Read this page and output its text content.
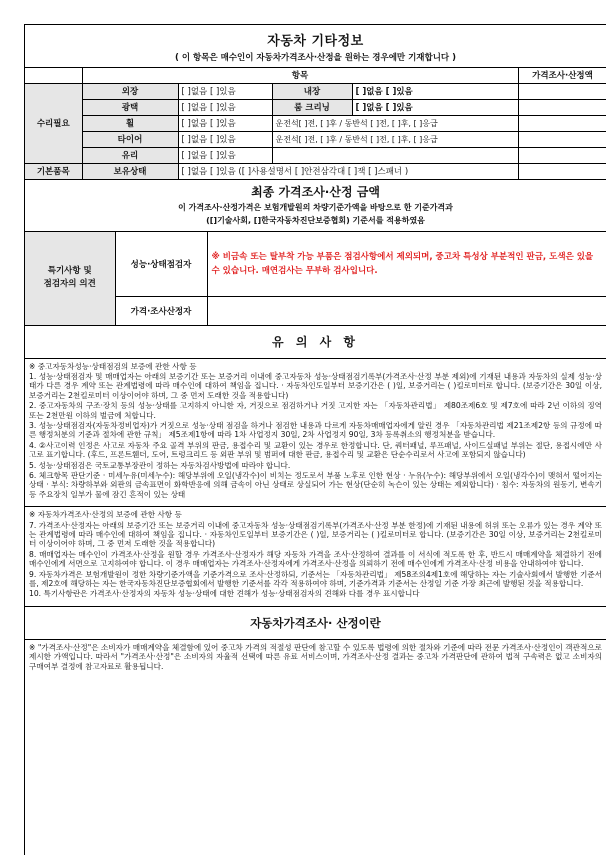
자동차 기타정보
( 이 항목은 매수인이 자동차가격조사·산정을 원하는 경우에만 기재합니다 )
	항목				가격조사·산정액
수리필요	외장	[ ]없음 [ ]있음	내장	[ ]없음 [ ]있음	
	광택	[ ]없음 [ ]있음	룸 크리닝	[ ]없음 [ ]있음	
	휠	[ ]없음 [ ]있음	운전석[ ]전, [ ]후 / 동반석 [ ]전, [ ]후, [ ]응급		
	타이어	[ ]없음 [ ]있음	운전석[ ]전, [ ]후 / 동반석 [ ]전, [ ]후, [ ]응급		
	유리	[ ]없음 [ ]있음			
기본품목	보유상태	[ ]없음 [ ]있음 ([ ]사용설명서 [ ]안전삼각대 [ ]잭 [ ]스패너 )			
최종 가격조사·산정 금액
이 가격조사·산정가격은 보험개발원의 차량기준가액을 바탕으로 한 기준가격과
([]기술사회, []한국자동차진단보증협회) 기준서를 적용하였음
특기사항 및
점검자의 의견	성능·상태점검자	※ 비금속 또는 탈부착 가능 부품은 점검사항에서 제외되며, 중고차 특성상 부분적인 판금, 도색은 있을 수 있습니다. 매연검사는 무부하 검사입니다.
	가격·조사산정자	
유 의 사 항

※ 중고자동차성능·상태점검의 보증에 관한 사항 등

1. 성능·상태점검자 및 매매업자는 아래의 보증기간 또는 보증거리 이내에 중고자동차 성능·상태점검기록부(가격조사·산정 부분 제외)에 기재된 내용과 자동차의 실제 성능·상태가 다른 경우 계약 또는 관계법령에 따라 매수인에 대하여 책임을 집니다. · 자동차인도일부터 보증기간은 ( )일, 보증거리는 ( )킬로미터로 합니다. (보증기간은 30일 이상, 보증거리는 2천킬로미터 이상이어야 하며, 그 중 먼저 도래한 것을 적용합니다)

2. 중고자동차의 구조·장치 등의 성능·상태를 고지하지 아니한 자, 거짓으로 점검하거나 거짓 고지한 자는 「자동차관리법」 제80조제6호 및 제7호에 따라 2년 이하의 징역 또는 2천만원 이하의 벌금에 처합니다.

3. 성능·상태점검자(자동차정비업자)가 거짓으로 성능·상태 점검을 하거나 점검한 내용과 다르게 자동차매매업자에게 알린 경우 「자동차관리법 제21조제2항 등의 규정에 따른 행정처분의 기준과 절차에 관한 규칙」 제5조제1항에 따라 1차 사업정지 30일, 2차 사업정지 90일, 3차 등록취소의 행정처분을 받습니다.

4. ②사고이력 인정은 사고로 자동차 주요 골격 부위의 판금, 용접수리 및 교환이 있는 경우로 한정합니다. 단, 쿼터패널, 루프패널, 사이드실패널 부위는 절단, 용접시에만 사고로 표기합니다. (후드, 프론트휀더, 도어, 트렁크리드 등 외판 부위 및 범퍼에 대한 판금, 용접수리 및 교환은 단순수리로서 사고에 포함되지 않습니다)

5. 성능·상태점검은 국토교통부장관이 정하는 자동차검사방법에 따라야 합니다.

6. 체크항목 판단기준 · 미세누유(미세누수): 해당부위에 오일(냉각수)이 비치는 정도로서 부품 노후로 인한 현상 · 누유(누수): 해당부위에서 오일(냉각수)이 맺혀서 떨어지는 상태 · 부식: 차량하부와 외판의 금속표면이 화학반응에 의해 금속이 아닌 상태로 상실되어 가는 현상(단순히 녹슨이 있는 상태는 제외합니다) · 침수: 자동차의 원동기, 변속기 등 주요장치 일부가 물에 잠긴 흔적이 있는 상태

※ 자동차가격조사·산정의 보증에 관한 사항 등

7. 가격조사·산정자는 아래의 보증기간 또는 보증거리 이내에 중고자동차 성능·상태점검기록부(가격조사·산정 부분 한정)에 기재된 내용에 허위 또는 오류가 있는 경우 계약 또는 관계법령에 따라 매수인에 대하여 책임을 집니다. · 자동차인도일부터 보증기간은 ( )일, 보증거리는 ( )킬로미터로 합니다. (보증기간은 30일 이상, 보증거리는 2천킬로미터 이상이어야 하며, 그 중 먼저 도래한 것을 적용합니다)

8. 매매업자는 매수인이 가격조사·산정을 원할 경우 가격조사·산정자가 해당 자동차 가격을 조사·산정하여 결과를 이 서식에 적도록 한 후, 반드시 매매계약을 체결하기 전에 매수인에게 서면으로 고지하여야 합니다. 이 경우 매매업자는 가격조사·산정자에게 가격조사·산정을 의뢰하기 전에 매수인에게 가격조사·산정 비용을 안내하여야 합니다.

9. 자동차가격은 보험개발원이 정한 차량기준가액을 기준가격으로 조사·산정하되, 기준서는 「자동차관리법」 제58조의4제1호에 해당하는 자는 기술사회에서 발행한 기준서를, 제2호에 해당하는 자는 한국자동차진단보증협회에서 발행한 기준서를 각각 적용하여야 하며, 기준가격과 기준서는 산정일 기준 가장 최근에 발행된 것을 적용합니다.

10. 특기사항란은 가격조사·산정자의 자동차 성능·상태에 대한 견해가 성능·상태점검자의 견해와 다를 경우 표시합니다

자동차가격조사· 산정이란
※ "가격조사·산정"은 소비자가 매매계약을 체결함에 있어 중고차 가격의 적절성 판단에 참고할 수 있도록 법령에 의한 절차와 기준에 따라 전문 가격조사·산정인이 객관적으로 제시한 가액입니다. 따라서 "가격조사·산정"은 소비자의 자율적 선택에 따른 유료 서비스이며, 가격조사·산정 결과는 중고차 가격판단에 관하여 법적 구속력은 없고 소비자의 구매여부 결정에 참고자료로 활용됩니다.
